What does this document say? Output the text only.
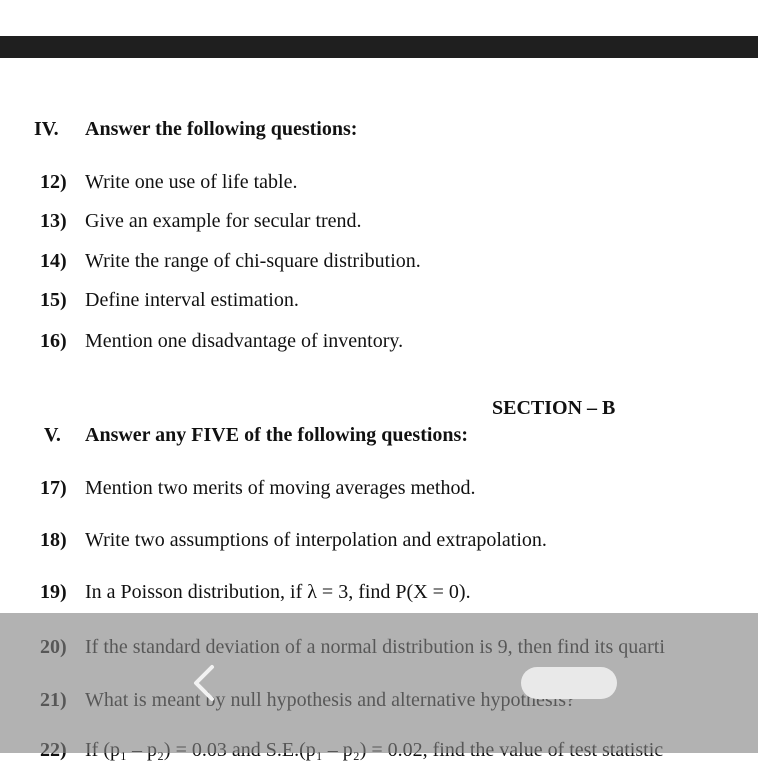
IV. Answer the following questions:
12) Write one use of life table.
13) Give an example for secular trend.
14) Write the range of chi-square distribution.
15) Define interval estimation.
16) Mention one disadvantage of inventory.
SECTION – B
V. Answer any FIVE of the following questions:
17) Mention two merits of moving averages method.
18) Write two assumptions of interpolation and extrapolation.
19) In a Poisson distribution, if λ = 3, find P(X = 0).
